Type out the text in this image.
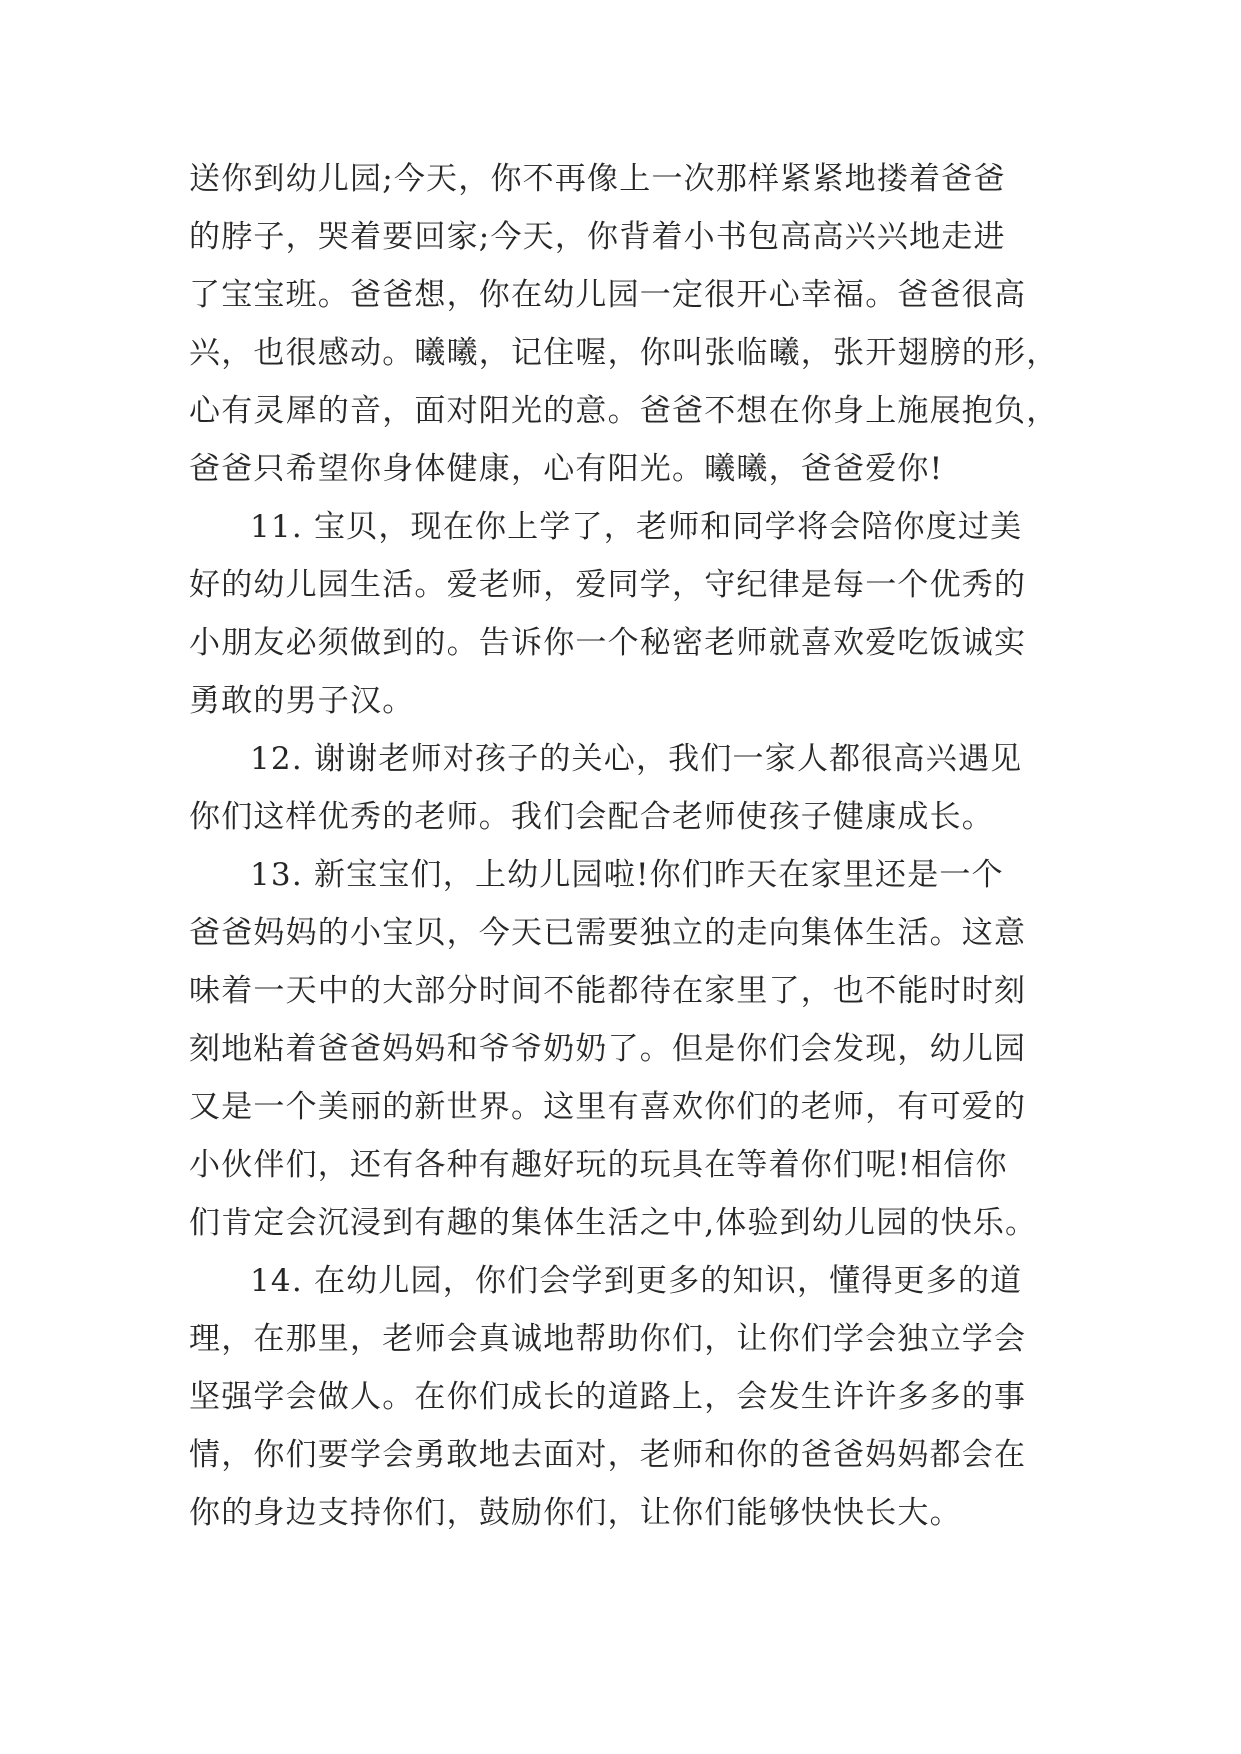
送你到幼儿园;今天，你不再像上一次那样紧紧地搂着爸爸
的脖子，哭着要回家;今天，你背着小书包高高兴兴地走进
了宝宝班。爸爸想，你在幼儿园一定很开心幸福。爸爸很高
兴，也很感动。曦曦，记住喔，你叫张临曦，张开翅膀的形，
心有灵犀的音，面对阳光的意。爸爸不想在你身上施展抱负，
爸爸只希望你身体健康，心有阳光。曦曦，爸爸爱你!
11. 宝贝，现在你上学了，老师和同学将会陪你度过美
好的幼儿园生活。爱老师，爱同学，守纪律是每一个优秀的
小朋友必须做到的。告诉你一个秘密老师就喜欢爱吃饭诚实
勇敢的男子汉。
12. 谢谢老师对孩子的关心，我们一家人都很高兴遇见
你们这样优秀的老师。我们会配合老师使孩子健康成长。
13. 新宝宝们，上幼儿园啦!你们昨天在家里还是一个
爸爸妈妈的小宝贝，今天已需要独立的走向集体生活。这意
味着一天中的大部分时间不能都待在家里了，也不能时时刻
刻地粘着爸爸妈妈和爷爷奶奶了。但是你们会发现，幼儿园
又是一个美丽的新世界。这里有喜欢你们的老师，有可爱的
小伙伴们，还有各种有趣好玩的玩具在等着你们呢!相信你
们肯定会沉浸到有趣的集体生活之中,体验到幼儿园的快乐。
14. 在幼儿园，你们会学到更多的知识，懂得更多的道
理，在那里，老师会真诚地帮助你们，让你们学会独立学会
坚强学会做人。在你们成长的道路上，会发生许许多多的事
情，你们要学会勇敢地去面对，老师和你的爸爸妈妈都会在
你的身边支持你们，鼓励你们，让你们能够快快长大。
